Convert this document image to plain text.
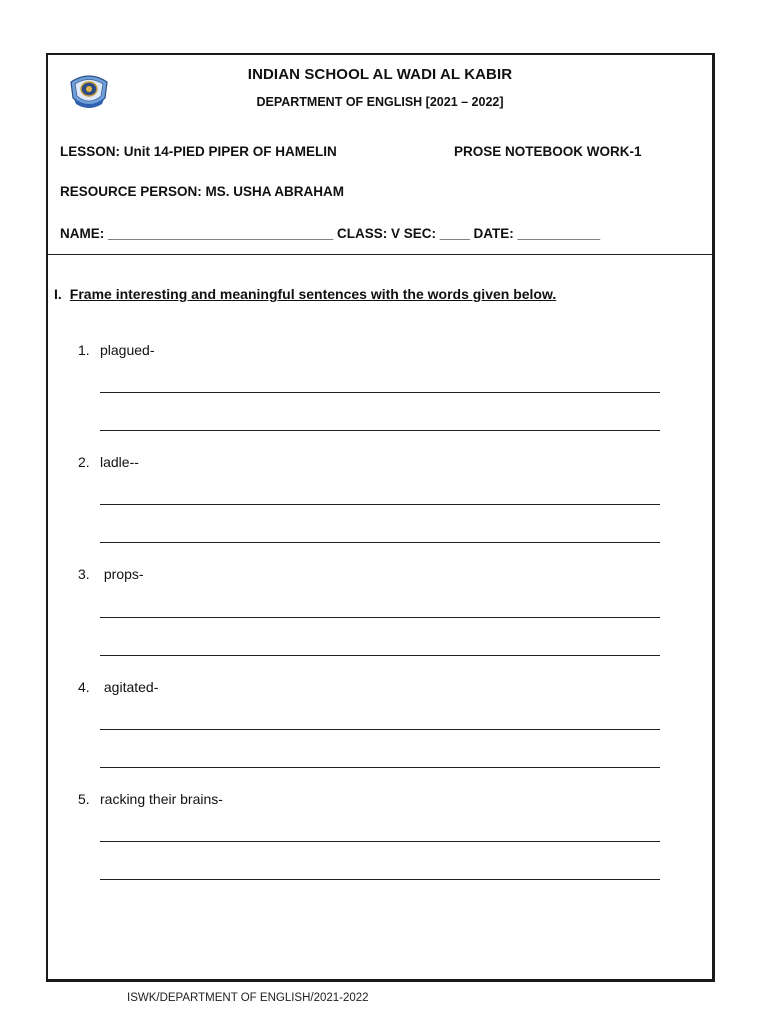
INDIAN SCHOOL AL WADI AL KABIR
DEPARTMENT OF ENGLISH [2021 – 2022]
LESSON: Unit 14-PIED PIPER OF HAMELIN	PROSE NOTEBOOK WORK-1
RESOURCE PERSON: MS. USHA ABRAHAM
NAME: ______________________________ CLASS: V SEC: ____ DATE: ___________
I. Frame interesting and meaningful sentences with the words given below.
1. plagued-
2. ladle--
3. props-
4. agitated-
5. racking their brains-
ISWK/DEPARTMENT OF ENGLISH/2021-2022
